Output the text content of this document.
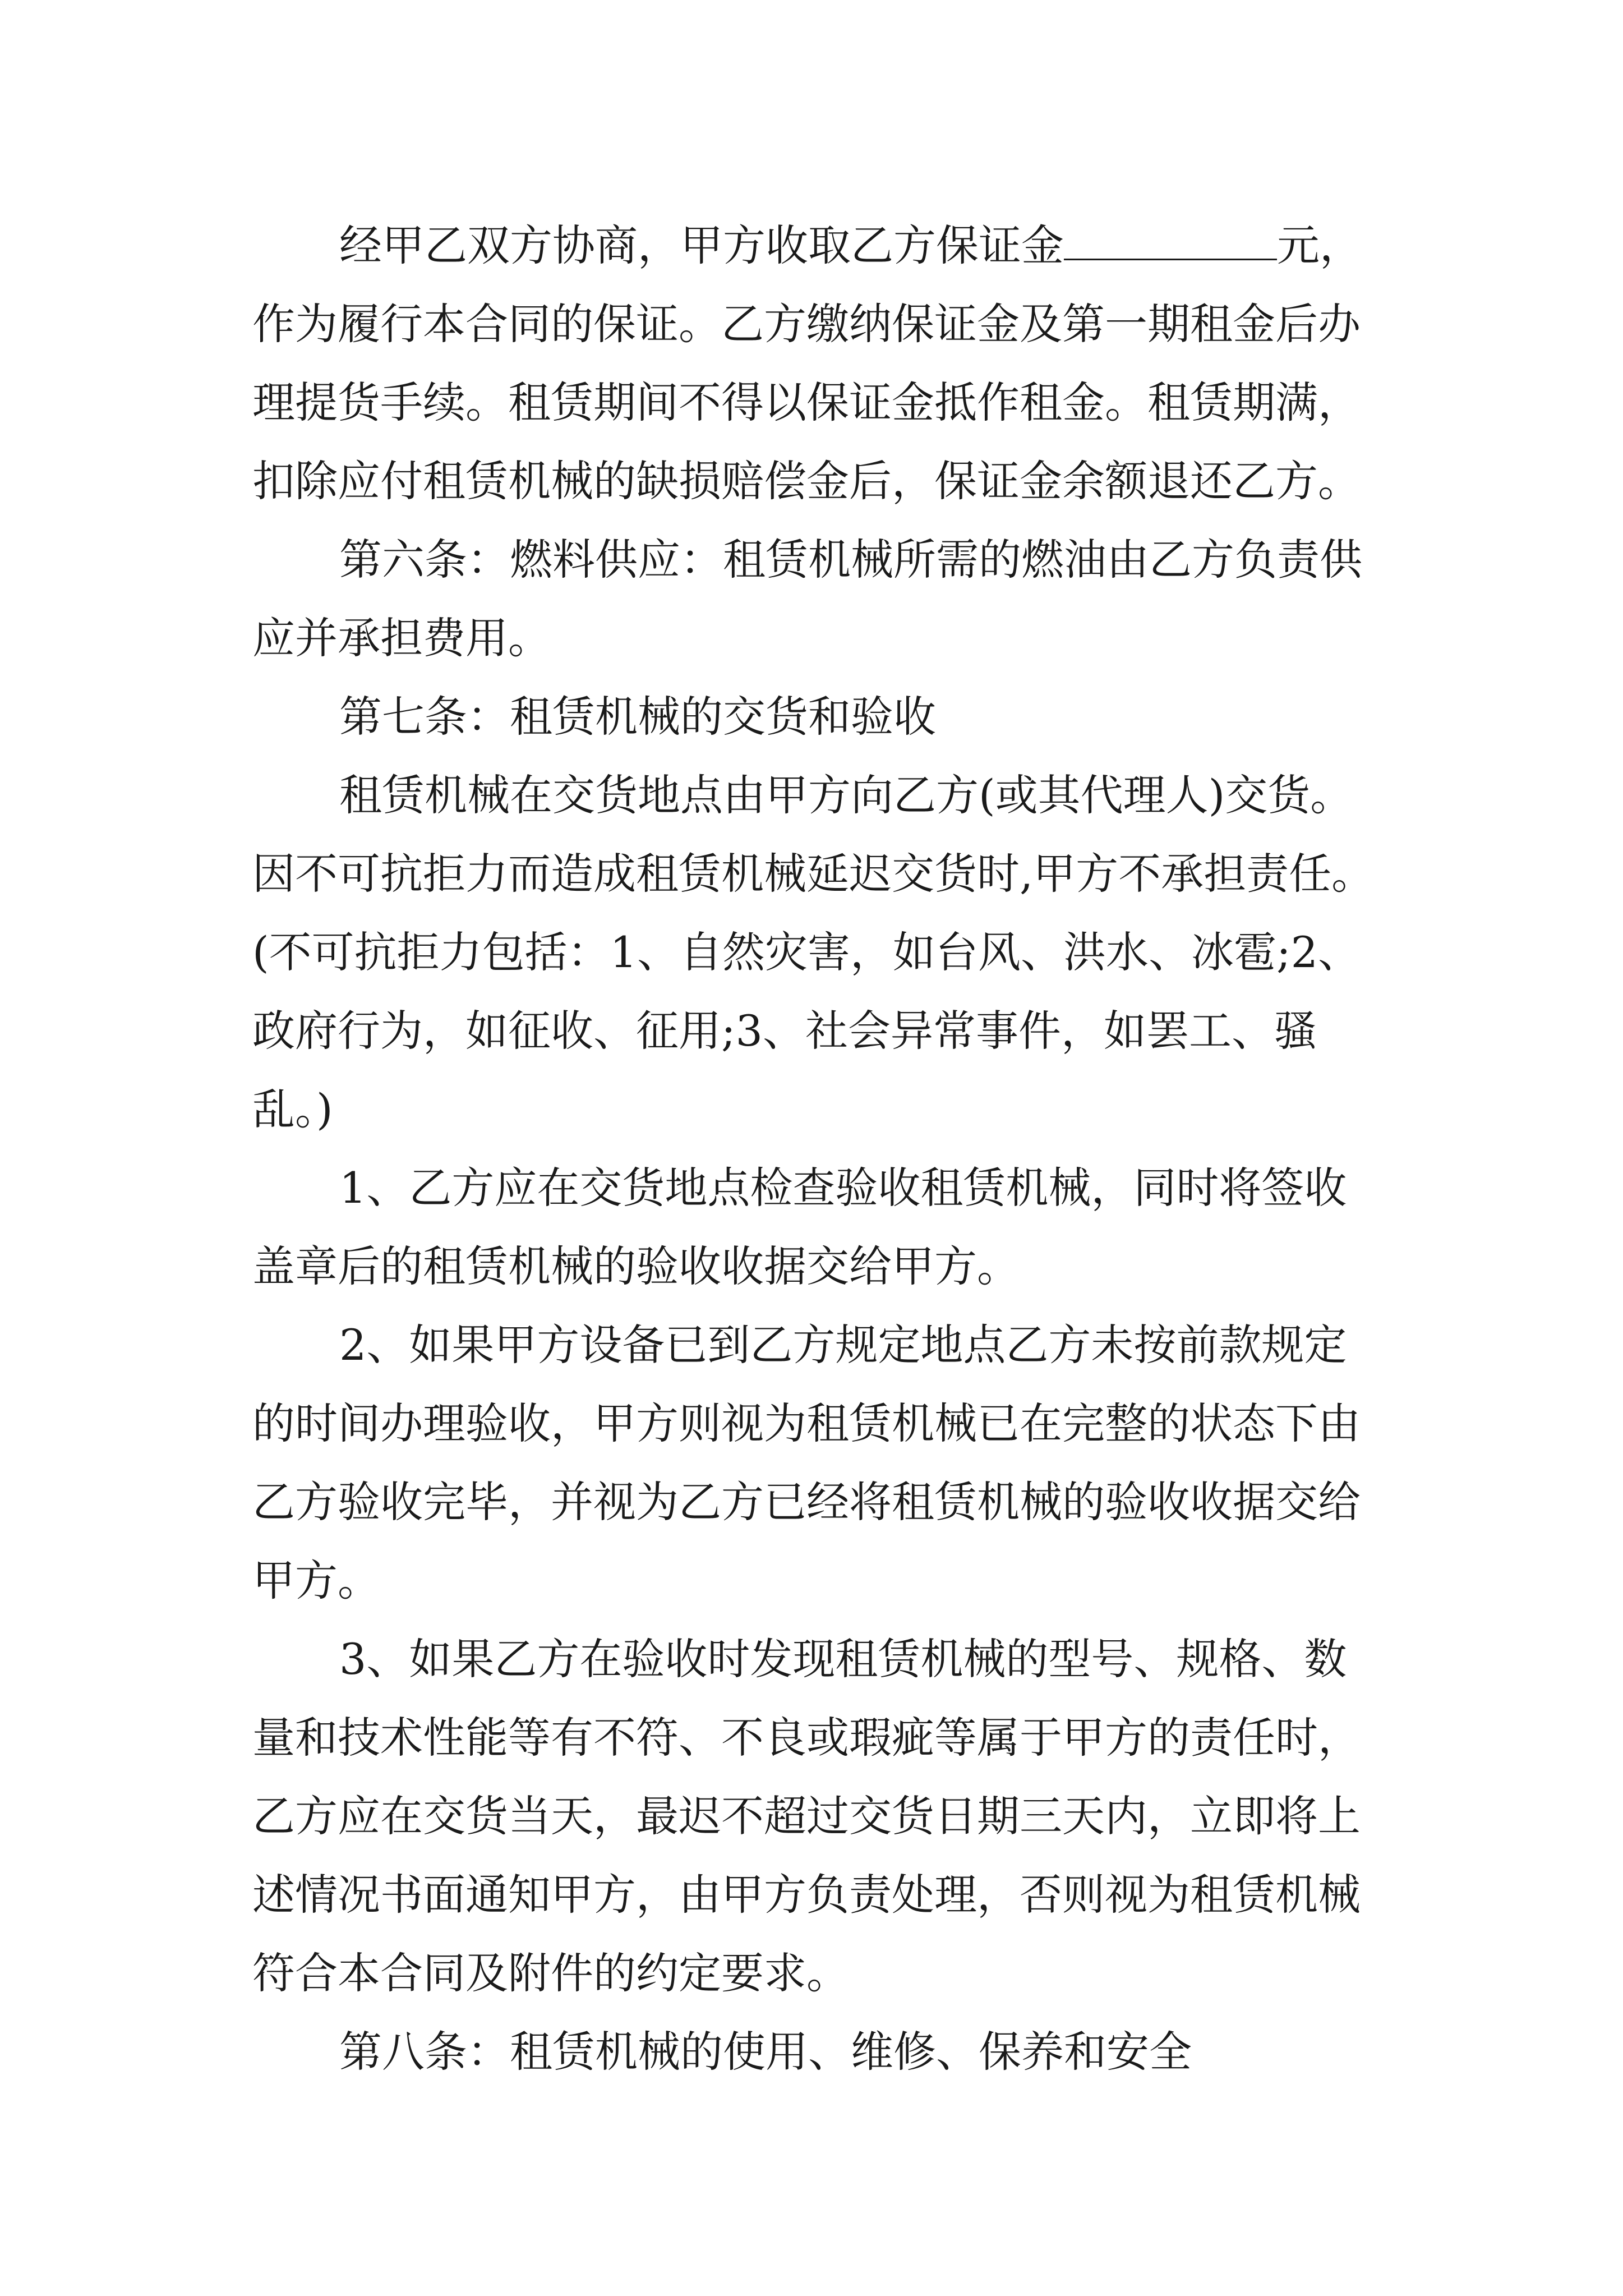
经甲乙双方协商，甲方收取乙方保证金	元，
作为履行本合同的保证。乙方缴纳保证金及第一期租金后办
理提货手续。租赁期间不得以保证金抵作租金。租赁期满，
扣除应付租赁机械的缺损赔偿金后，保证金余额退还乙方。
第六条：燃料供应：租赁机械所需的燃油由乙方负责供
应并承担费用。
第七条：租赁机械的交货和验收
租赁机械在交货地点由甲方向乙方(或其代理人)交货。
因不可抗拒力而造成租赁机械延迟交货时,甲方不承担责任。
(不可抗拒力包括：1、自然灾害，如台风、洪水、冰雹;2、
政府行为，如征收、征用;3、社会异常事件，如罢工、骚
乱。)
1、乙方应在交货地点检查验收租赁机械，同时将签收
盖章后的租赁机械的验收收据交给甲方。
2、如果甲方设备已到乙方规定地点乙方未按前款规定
的时间办理验收，甲方则视为租赁机械已在完整的状态下由
乙方验收完毕，并视为乙方已经将租赁机械的验收收据交给
甲方。
3、如果乙方在验收时发现租赁机械的型号、规格、数
量和技术性能等有不符、不良或瑕疵等属于甲方的责任时，
乙方应在交货当天，最迟不超过交货日期三天内，立即将上
述情况书面通知甲方，由甲方负责处理，否则视为租赁机械
符合本合同及附件的约定要求。
第八条：租赁机械的使用、维修、保养和安全
